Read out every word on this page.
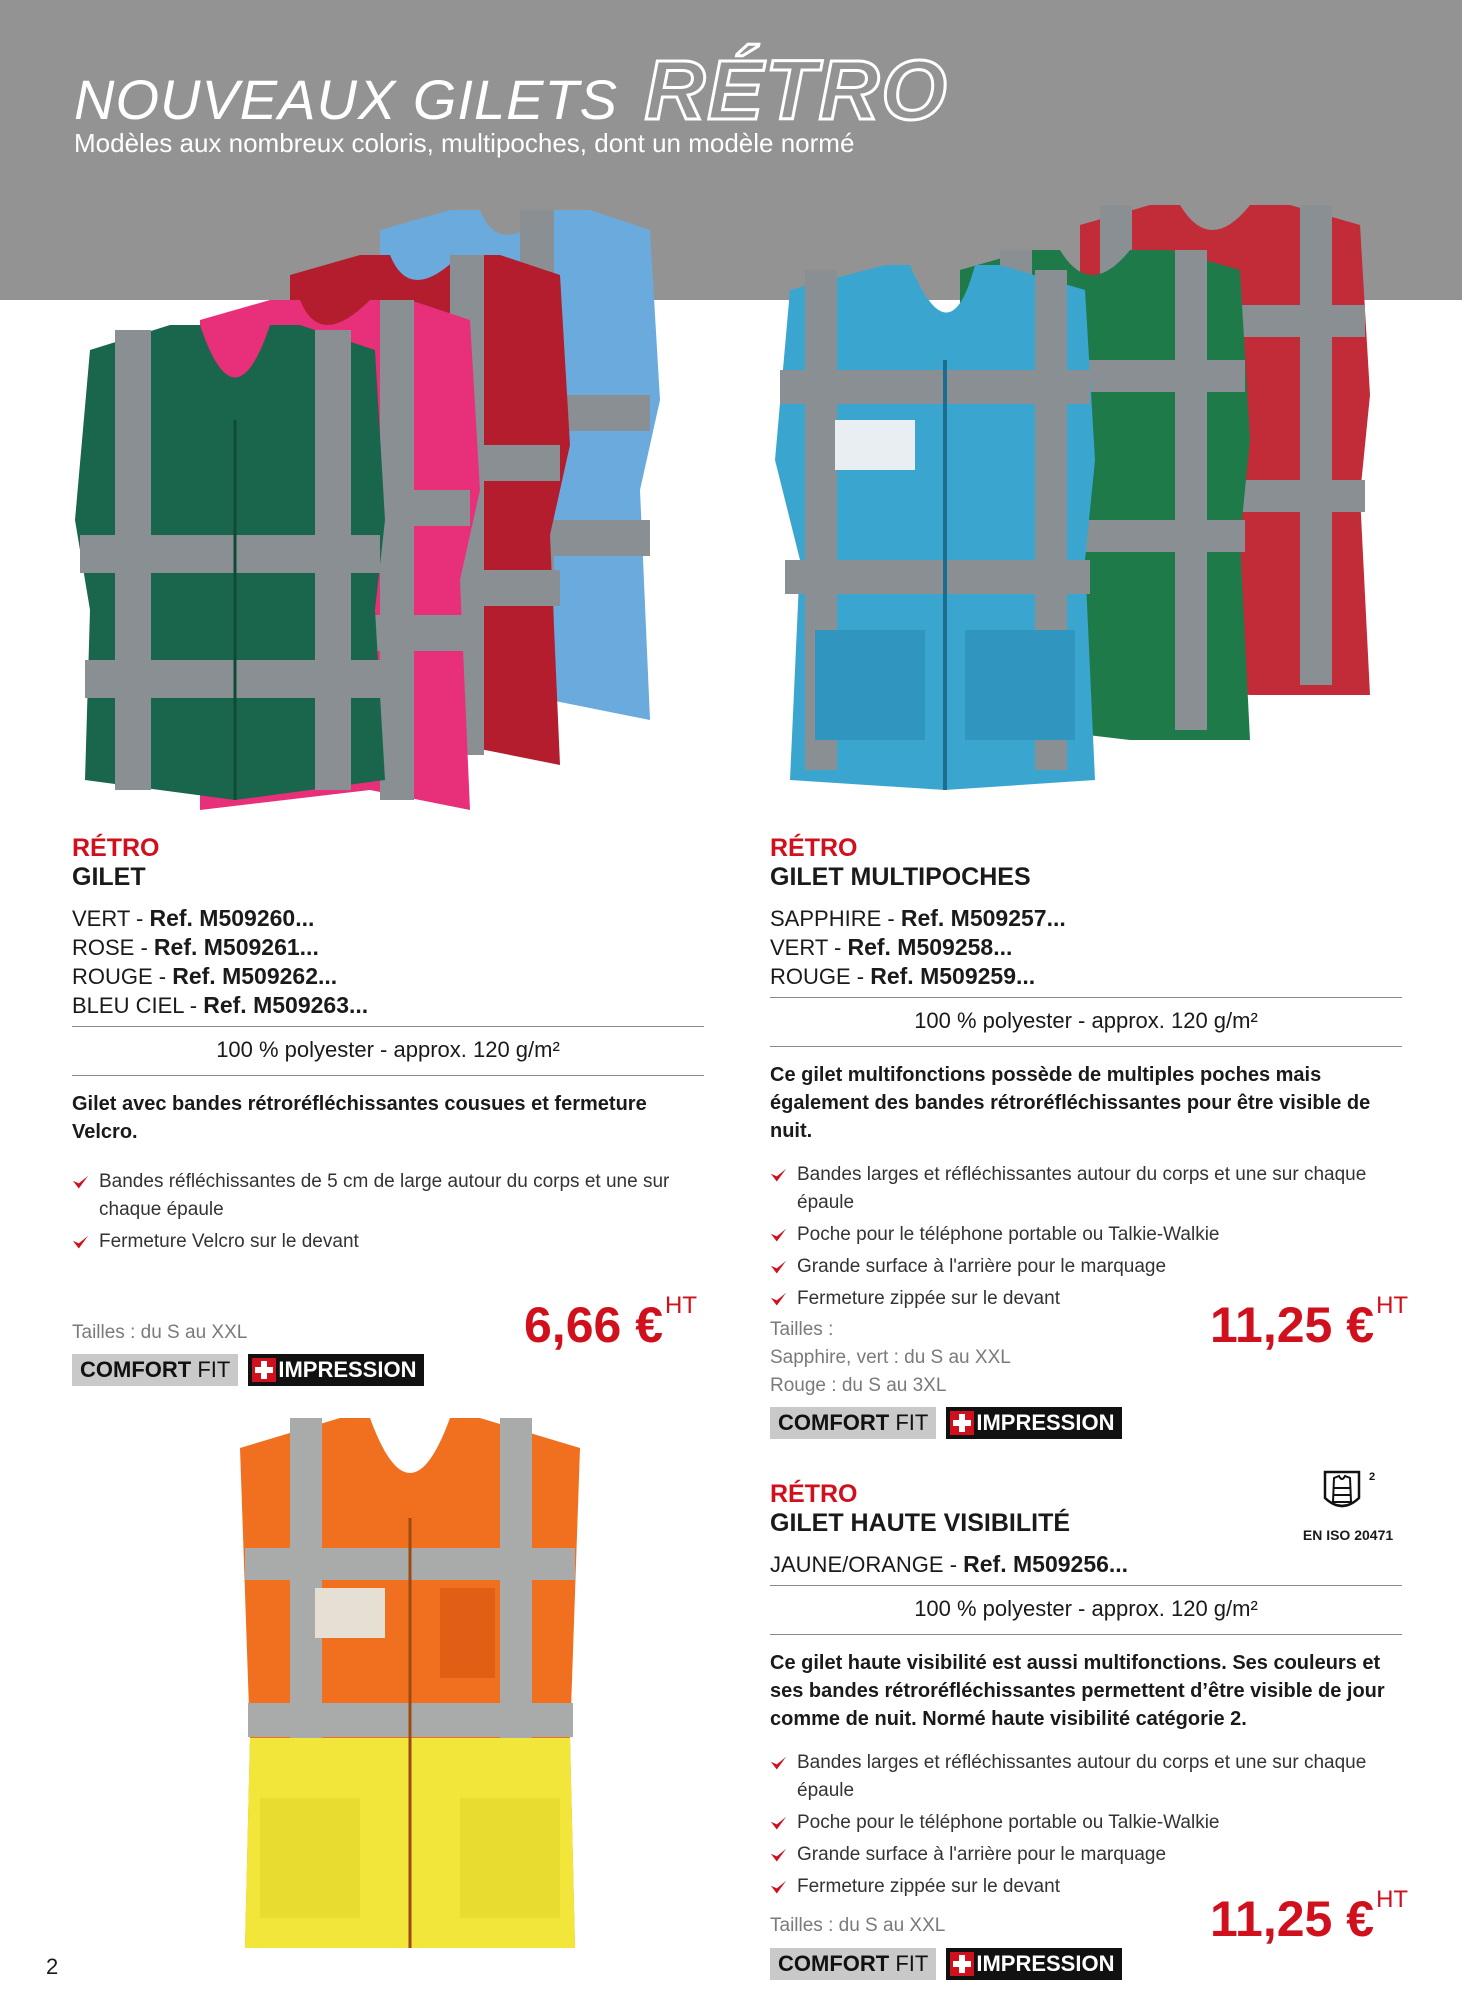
NOUVEAUX GILETS RÉTRO
Modèles aux nombreux coloris, multipoches, dont un modèle normé
RÉTRO
GILET
VERT - Ref. M509260...
ROSE - Ref. M509261...
ROUGE - Ref. M509262...
BLEU CIEL - Ref. M509263...
100 % polyester - approx. 120 g/m²
Gilet avec bandes rétroréfléchissantes cousues et fermeture Velcro.
Bandes réfléchissantes de 5 cm de large autour du corps et une sur chaque épaule
Fermeture Velcro sur le devant
Tailles : du S au XXL	6,66 €$^{HT}$
COMFORT FIT	IMPRESSION
RÉTRO
GILET MULTIPOCHES
SAPPHIRE - Ref. M509257...
VERT - Ref. M509258...
ROUGE - Ref. M509259...
100 % polyester - approx. 120 g/m²
Ce gilet multifonctions possède de multiples poches mais également des bandes rétroréfléchissantes pour être visible de nuit.
Bandes larges et réfléchissantes autour du corps et une sur chaque épaule
Poche pour le téléphone portable ou Talkie-Walkie
Grande surface à l'arrière pour le marquage
Fermeture zippée sur le devant
Tailles :
Sapphire, vert : du S au XXL
Rouge : du S au 3XL
11,25 €$^{HT}$
COMFORT FIT	IMPRESSION
RÉTRO
GILET HAUTE VISIBILITÉ
JAUNE/ORANGE - Ref. M509256...
100 % polyester - approx. 120 g/m²
Ce gilet haute visibilité est aussi multifonctions. Ses couleurs et ses bandes rétroréfléchissantes permettent d’être visible de jour comme de nuit. Normé haute visibilité catégorie 2.
Bandes larges et réfléchissantes autour du corps et une sur chaque épaule
Poche pour le téléphone portable ou Talkie-Walkie
Grande surface à l'arrière pour le marquage
Fermeture zippée sur le devant
Tailles : du S au XXL	11,25 €$^{HT}$
COMFORT FIT	IMPRESSION
2
EN ISO 20471
2
